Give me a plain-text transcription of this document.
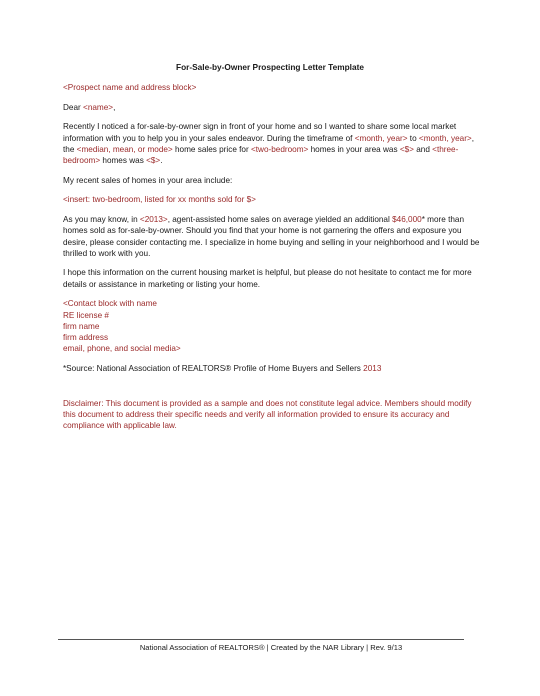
For-Sale-by-Owner Prospecting Letter Template

<Prospect name and address block>

Dear <name>,

Recently I noticed a for-sale-by-owner sign in front of your home and so I wanted to share some local market information with you to help you in your sales endeavor. During the timeframe of <month, year> to <month, year>, the <median, mean, or mode> home sales price for <two-bedroom> homes in your area was <$> and <three-bedroom> homes was <$>.

My recent sales of homes in your area include:

<insert: two-bedroom, listed for xx months sold for $>

As you may know, in <2013>, agent-assisted home sales on average yielded an additional $46,000* more than homes sold as for-sale-by-owner. Should you find that your home is not garnering the offers and exposure you desire, please consider contacting me. I specialize in home buying and selling in your neighborhood and I would be thrilled to work with you.

I hope this information on the current housing market is helpful, but please do not hesitate to contact me for more details or assistance in marketing or listing your home.

<Contact block with name
RE license #
firm name
firm address
email, phone, and social media>

*Source: National Association of REALTORS® Profile of Home Buyers and Sellers 2013

Disclaimer: This document is provided as a sample and does not constitute legal advice. Members should modify this document to address their specific needs and verify all information provided to ensure its accuracy and compliance with applicable law.

National Association of REALTORS® | Created by the NAR Library | Rev. 9/13
